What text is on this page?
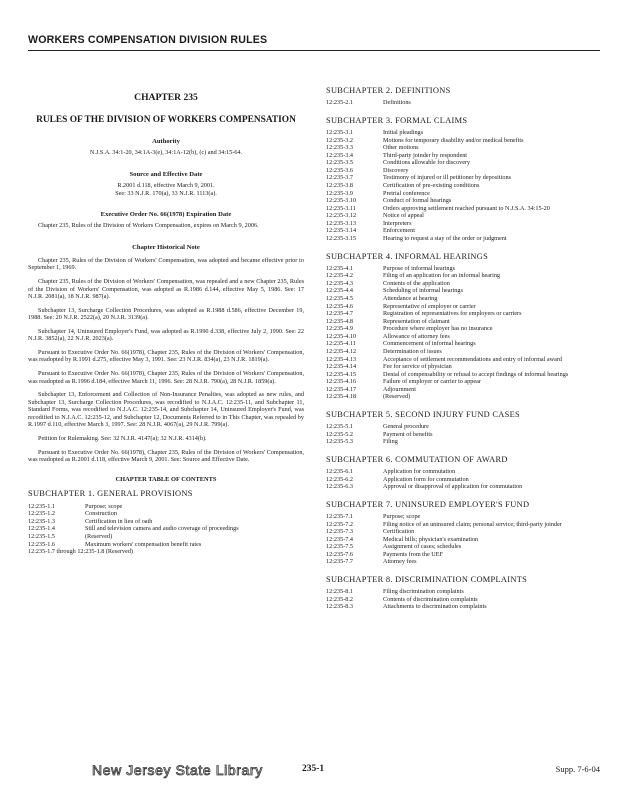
WORKERS COMPENSATION DIVISION RULES
CHAPTER 235
RULES OF THE DIVISION OF WORKERS COMPENSATION
Authority
N.J.S.A. 34:1-20, 34:1A-3(e), 34:1A-12(b), (c) and 34:15-64.
Source and Effective Date
R.2001 d.118, effective March 9, 2001.
See: 33 N.J.R. 170(a), 33 N.J.R. 1113(a).
Executive Order No. 66(1978) Expiration Date
Chapter 235, Rules of the Division of Workers Compensation, expires on March 9, 2006.
Chapter Historical Note
Chapter 235, Rules of the Division of Workers' Compensation, was adopted and became effective prior to September 1, 1969.
Chapter 235, Rules of the Division of Workers' Compensation, was repealed and a new Chapter 235, Rules of the Division of Workers' Compensation, was adopted as R.1986 d.144, effective May 5, 1986. See: 17 N.J.R. 2081(a), 18 N.J.R. 987(a).
Subchapter 13, Surcharge Collection Procedures, was adopted as R.1988 d.586, effective December 19, 1988. See: 20 N.J.R. 2522(a), 20 N.J.R. 3139(a).
Subchapter 14, Uninsured Employer's Fund, was adopted as R.1990 d.338, effective July 2, 1990. See: 22 N.J.R. 3852(a), 22 N.J.R. 2023(a).
Pursuant to Executive Order No. 66(1978), Chapter 235, Rules of the Division of Workers' Compensation, was readopted by R.1991 d.275, effective May 3, 1991. See: 23 N.J.R. 834(a), 23 N.J.R. 1819(a).
Pursuant to Executive Order No. 66(1978), Chapter 235, Rules of the Division of Workers' Compensation, was readopted as R.1996 d.184, effective March 11, 1996. See: 28 N.J.R. 790(a), 28 N.J.R. 1859(a).
Subchapter 13, Enforcement and Collection of Non-Insurance Penalties, was adopted as new rules, and Subchapter 13, Surcharge Collection Procedures, was recodified to N.J.A.C. 12:235-11, and Subchapter 11, Standard Forms, was recodified to N.J.A.C. 12:235-14, and Subchapter 14, Uninsured Employer's Fund, was recodified to N.J.A.C. 12:235-12, and Subchapter 12, Documents Referred to in This Chapter, was repealed by R.1997 d.110, effective March 3, 1997. See: 28 N.J.R. 4067(a), 29 N.J.R. 799(a).
Petition for Rulemaking. See: 32 N.J.R. 4147(a); 32 N.J.R. 4314(b).
Pursuant to Executive Order No. 66(1978), Chapter 235, Rules of the Division of Workers' Compensation, was readopted as R.2001 d.118, effective March 9, 2001. See: Source and Effective Date.
CHAPTER TABLE OF CONTENTS
SUBCHAPTER 1. GENERAL PROVISIONS
12:235-1.1	Purpose; scope
12:235-1.2	Construction
12:235-1.3	Certification in lieu of oath
12:235-1.4	Still and television camera and audio coverage of proceedings
12:235-1.5	(Reserved)
12:235-1.6	Maximum workers' compensation benefit rates
12:235-1.7 through 12:235-1.8 (Reserved)
SUBCHAPTER 2. DEFINITIONS
12:235-2.1	Definitions
SUBCHAPTER 3. FORMAL CLAIMS
12:235-3.1	Initial pleadings
12:235-3.2	Motions for temporary disability and/or medical benefits
12:235-3.3	Other motions
12:235-3.4	Third-party joinder by respondent
12:235-3.5	Conditions allowable for discovery
12:235-3.6	Discovery
12:235-3.7	Testimony of injured or ill petitioner by depositions
12:235-3.8	Certification of pre-existing conditions
12:235-3.9	Pretrial conference
12:235-3.10	Conduct of formal hearings
12:235-3.11	Orders approving settlement reached pursuant to N.J.S.A. 34:15-20
12:235-3.12	Notice of appeal
12:235-3.13	Interpreters
12:235-3.14	Enforcement
12:235-3.15	Hearing to request a stay of the order or judgment
SUBCHAPTER 4. INFORMAL HEARINGS
12:235-4.1	Purpose of informal hearings
12:235-4.2	Filing of an application for an informal hearing
12:235-4.3	Contents of the application
12:235-4.4	Scheduling of informal hearings
12:235-4.5	Attendance at hearing
12:235-4.6	Representative of employer or carrier
12:235-4.7	Registration of representatives for employers or carriers
12:235-4.8	Representation of claimant
12:235-4.9	Procedure where employer has no insurance
12:235-4.10	Allowance of attorney fees
12:235-4.11	Commencement of informal hearings
12:235-4.12	Determination of issues
12:235-4.13	Acceptance of settlement recommendations and entry of informal award
12:235-4.14	Fee for service of physician
12:235-4.15	Denial of compensability or refusal to accept findings of informal hearings
12:235-4.16	Failure of employer or carrier to appear
12:235-4.17	Adjournment
12:235-4.18	(Reserved)
SUBCHAPTER 5. SECOND INJURY FUND CASES
12:235-5.1	General procedure
12:235-5.2	Payment of benefits
12:235-5.3	Filing
SUBCHAPTER 6. COMMUTATION OF AWARD
12:235-6.1	Application for commutation
12:235-6.2	Application form for commutation
12:235-6.3	Approval or disapproval of application for commutation
SUBCHAPTER 7. UNINSURED EMPLOYER'S FUND
12:235-7.1	Purpose; scope
12:235-7.2	Filing notice of an uninsured claim; personal service; third-party joinder
12:235-7.3	Certification
12:235-7.4	Medical bills; physician's examination
12:235-7.5	Assignment of cases; schedules
12:235-7.6	Payments from the UEF
12:235-7.7	Attorney fees
SUBCHAPTER 8. DISCRIMINATION COMPLAINTS
12:235-8.1	Filing discrimination complaints
12:235-8.2	Contents of discrimination complaints
12:235-8.3	Attachments to discrimination complaints
New Jersey State Library	235-1	Supp. 7-6-04
